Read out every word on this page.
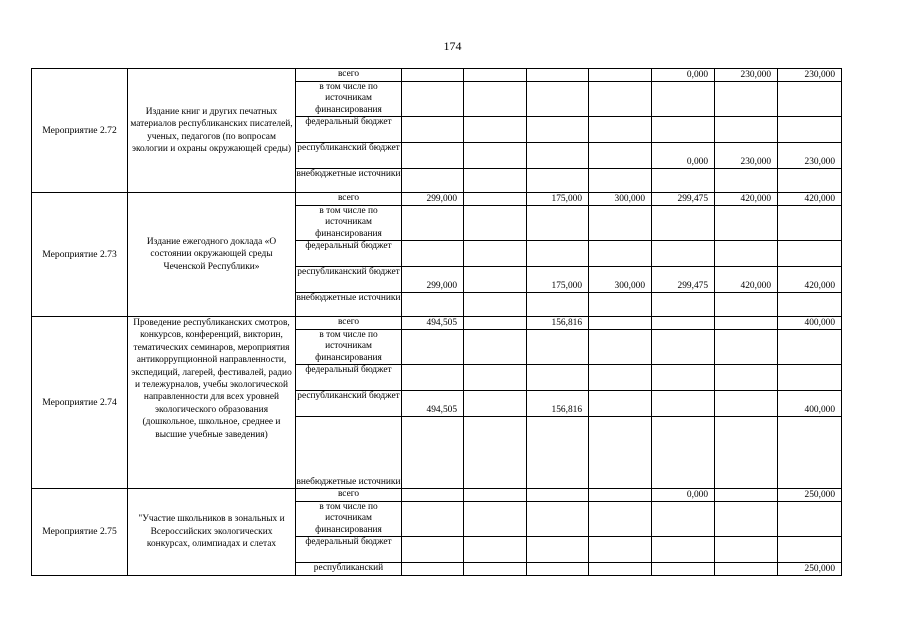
174
Мероприятие 2.72	Издание книг и других печатных материалов республиканских писателей, ученых, педагогов (по вопросам экологии и охраны окружающей среды)	всего					0,000	230,000	230,000
		в том числе по источникам финансирования							
		федеральный бюджет							
		республиканский бюджет					0,000	230,000	230,000
		внебюджетные источники							
Мероприятие 2.73	Издание ежегодного доклада «О состоянии окружающей среды Чеченской Республики»	всего	299,000		175,000	300,000	299,475	420,000	420,000
		в том числе по источникам финансирования							
		федеральный бюджет							
		республиканский бюджет	299,000		175,000	300,000	299,475	420,000	420,000
		внебюджетные источники							
Мероприятие 2.74	Проведение республиканских смотров, конкурсов, конференций, викторин, тематических семинаров, мероприятия антикоррупционной направленности, экспедиций, лагерей, фестивалей, радио и тележурналов, учебы экологической направленности для всех уровней экологического образования (дошкольное, школьное, среднее и высшие учебные заведения)	всего	494,505		156,816				400,000
		в том числе по источникам финансирования							
		федеральный бюджет							
		республиканский бюджет	494,505		156,816				400,000
		внебюджетные источники							
Мероприятие 2.75	"Участие школьников в зональных и Всероссийских экологических конкурсах, олимпиадах и слетах	всего					0,000		250,000
		в том числе по источникам финансирования							
		федеральный бюджет							
		республиканский							250,000
